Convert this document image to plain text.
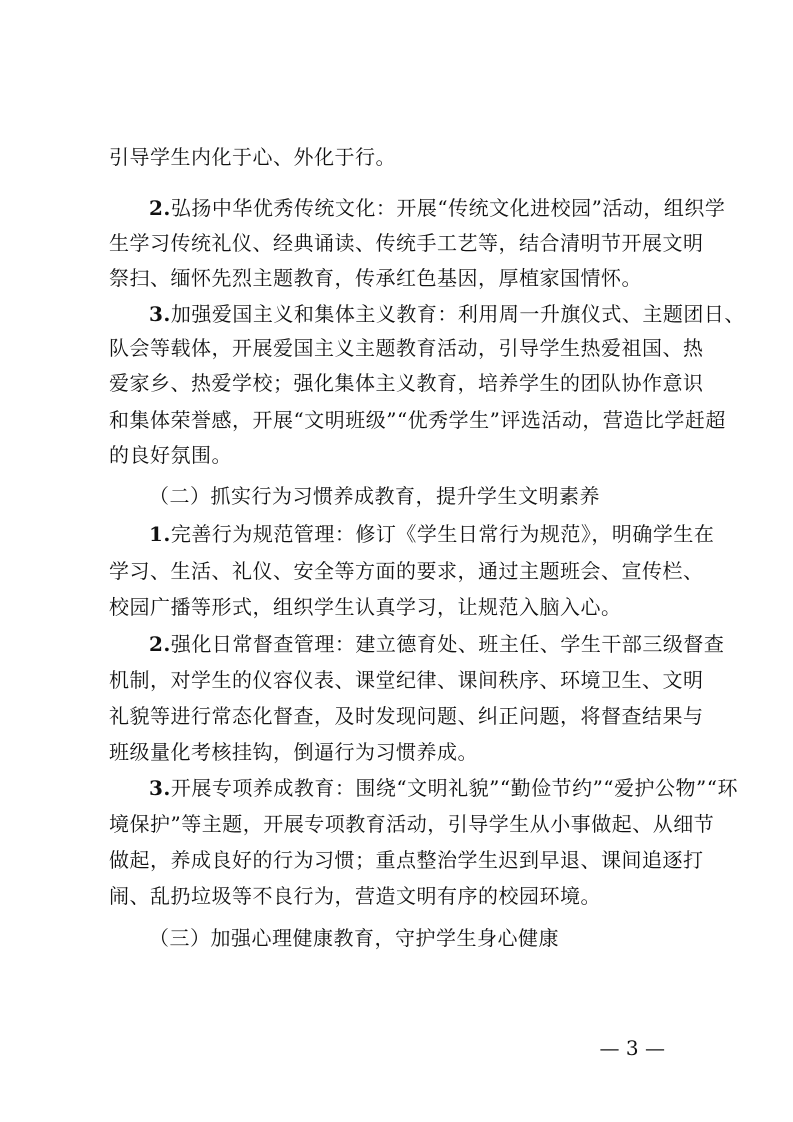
— 3 —
引导学生内化于心、外化于行。
2.弘扬中华优秀传统文化：开展“传统文化进校园”活动，组织学
生学习传统礼仪、经典诵读、传统手工艺等，结合清明节开展文明
祭扫、缅怀先烈主题教育，传承红色基因，厚植家国情怀。
3.加强爱国主义和集体主义教育：利用周一升旗仪式、主题团日、
队会等载体，开展爱国主义主题教育活动，引导学生热爱祖国、热
爱家乡、热爱学校；强化集体主义教育，培养学生的团队协作意识
和集体荣誉感，开展“文明班级”“优秀学生”评选活动，营造比学赶超
的良好氛围。
（二）抓实行为习惯养成教育，提升学生文明素养
1.完善行为规范管理：修订《学生日常行为规范》，明确学生在
学习、生活、礼仪、安全等方面的要求，通过主题班会、宣传栏、
校园广播等形式，组织学生认真学习，让规范入脑入心。
2.强化日常督查管理：建立德育处、班主任、学生干部三级督查
机制，对学生的仪容仪表、课堂纪律、课间秩序、环境卫生、文明
礼貌等进行常态化督查，及时发现问题、纠正问题，将督查结果与
班级量化考核挂钩，倒逼行为习惯养成。
3.开展专项养成教育：围绕“文明礼貌”“勤俭节约”“爱护公物”“环
境保护”等主题，开展专项教育活动，引导学生从小事做起、从细节
做起，养成良好的行为习惯；重点整治学生迟到早退、课间追逐打
闹、乱扔垃圾等不良行为，营造文明有序的校园环境。
（三）加强心理健康教育，守护学生身心健康
